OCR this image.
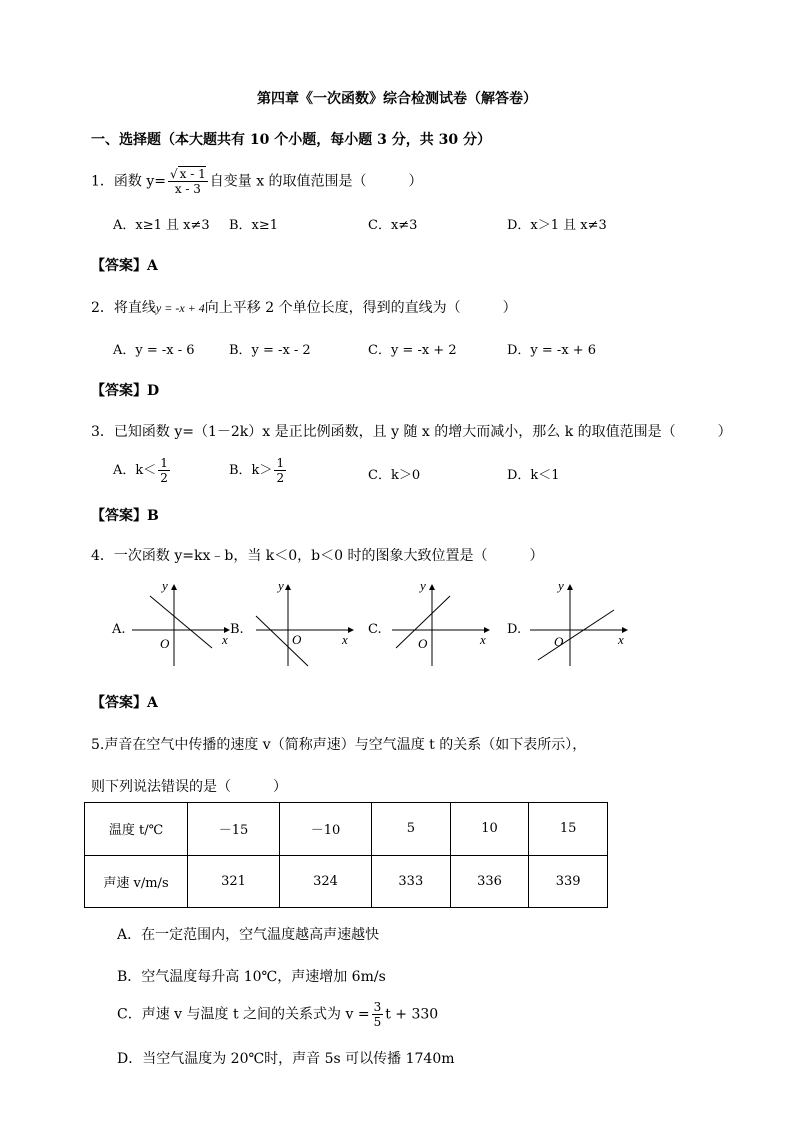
第四章《一次函数》综合检测试卷（解答卷）
一、选择题（本大题共有 10 个小题，每小题 3 分，共 30 分）
1．函数 $y= \frac{√ x - 1}{x - 3}$ 自变量 x 的取值范围是（　　　）
A．x≥1 且 x≠3 B．x≥1	C．x≠3	D．x＞1 且 x≠3
【答案】A
2．将直线y = -x + 4向上平移 2 个单位长度，得到的直线为（　　　）
A．y = -x - 6	B．y = -x - 2	C．y = -x + 2	D．y = -x + 6
【答案】D
3．已知函数 y=（1－2k）x 是正比例函数，且 y 随 x 的增大而减小，那么 k 的取值范围是（　　　）
A．$k< \frac{1}{2}$	B．$k> \frac{1}{2}$	C．k＞0	D．k＜1
【答案】B
4．一次函数 y=kx﹣b，当 k＜0，b＜0 时的图象大致位置是（　　　）
A.
O	x
y
B.
O	x
y
C.
O	x
y
D.
O	x
y
【答案】A
5.声音在空气中传播的速度 v（简称声速）与空气温度 t 的关系（如下表所示），
则下列说法错误的是（　　　）
温度 t/℃	－15	－10	5	10	15
声速 v/m/s	321	324	333	336	339
A．在一定范围内，空气温度越高声速越快
B．空气温度每升高 10℃，声速增加 6m/s
C．声速 v 与温度 t 之间的关系式为 $v = \frac{3}{5}$ t + 330
D．当空气温度为 20℃时，声音 5s 可以传播 1740m
